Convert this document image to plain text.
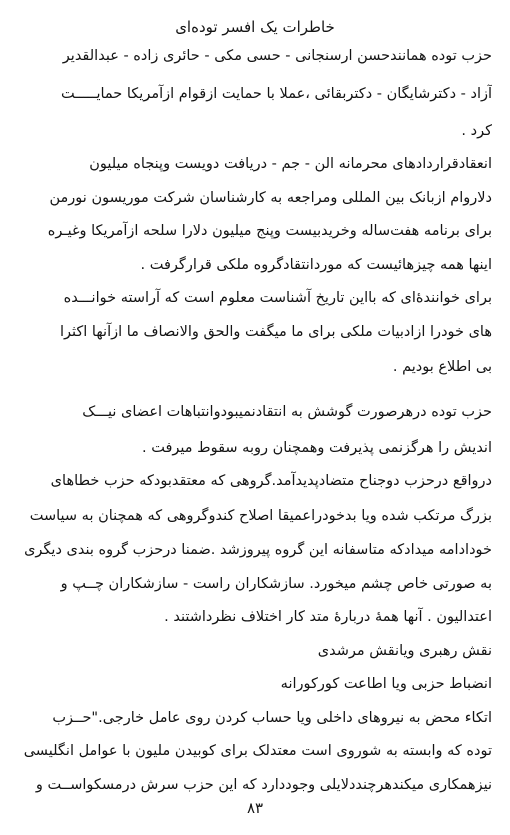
خاطرات یک افسر توده‌ای
حزب توده همانندحسن ارسنجانی - حسی مکی - حائری زاده - عبدالقدیر
آزاد - دکترشایگان - دکتربقائی ،عملا با حمایت ازقوام ازآمریکا حمایـــــت
کرد .
انعقادقراردادهای محرمانه الن - جم - دریافت دویست وپنجاه میلیون
دلاروام ازبانک بین المللی ومراجعه به کارشناسان شرکت موریسون نورمن
برای برنامه هفت‌ساله وخریدبیست وپنج میلیون دلارا سلحه ازآمریکا وغیـره
اینها همه چیزهائیست که موردانتقادگروه ملکی قرارگرفت .
برای خوانندۀای که بااین تاریخ آشناست معلوم است که آراسته خوانـــده
های خودرا ازادبیات ملکی برای ما میگفت والحق والانصاف ما ازآنها اکثرا
بی اطلاع بودیم .
حزب توده درهرصورت گوشش به انتقادنمیبودوانتباهات اعضای نیـــک
اندیش را هرگزنمی پذیرفت وهمچنان روبه سقوط میرفت .
درواقع درحزب دوجناح متضادپدیدآمد.گروهی که معتقدبودکه حزب خطاهای
بزرگ مرتکب شده ویا بدخودراعمیقا اصلاح کندوگروهی که همچنان به سیاست
خودادامه میدادکه متاسفانه این گروه پیروزشد .ضمنا درحزب گروه بندی دیگری
به صورتی خاص چشم میخورد. سازشکاران راست - سازشکاران چــپ و
اعتدالیون . آنها همۀ دربارۀ متد کار اختلاف نظرداشتند .
نقش رهبری ویانقش مرشدی
انضباط حزبی ویا اطاعت کورکورانه
اتکاء محض به نیروهای داخلی ویا حساب کردن روی عامل خارجی."حــزب
توده که وابسته به شوروی است معتدلک برای کوبیدن ملیون با عوامل انگلیسی
نیزهمکاری میکندهرچنددلایلی وجوددارد که این حزب سرش درمسکواســت و
۸۳
